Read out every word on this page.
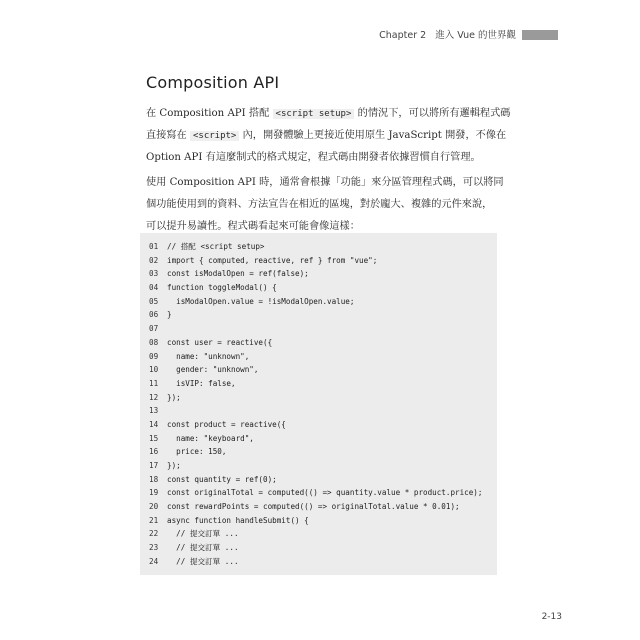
Chapter 2 進入 Vue 的世界觀
Composition API

在 Composition API 搭配 <script setup> 的情況下，可以將所有邏輯程式碼
直接寫在 <script> 內，開發體驗上更接近使用原生 JavaScript 開發，不像在
Option API 有這麼制式的格式規定，程式碼由開發者依據習慣自行管理。

使用 Composition API 時，通常會根據「功能」來分區管理程式碼，可以將同
個功能使用到的資料、方法宣告在相近的區塊，對於龐大、複雜的元件來說，
可以提升易讀性。程式碼看起來可能會像這樣：

01	// 搭配 <script setup>
02	import { computed, reactive, ref } from "vue";
03	const isModalOpen = ref(false);
04	function toggleModal() {
05	isModalOpen.value = !isModalOpen.value;
06	}
07
08	const user = reactive({
09	name: "unknown",
10	gender: "unknown",
11	isVIP: false,
12	});
13
14	const product = reactive({
15	name: "keyboard",
16	price: 150,
17	});
18	const quantity = ref(0);
19	const originalTotal = computed(() => quantity.value * product.price);
20	const rewardPoints = computed(() => originalTotal.value * 0.01);
21	async function handleSubmit() {
22	// 提交訂單 ...
23	// 提交訂單 ...
24	// 提交訂單 ...
2-13
